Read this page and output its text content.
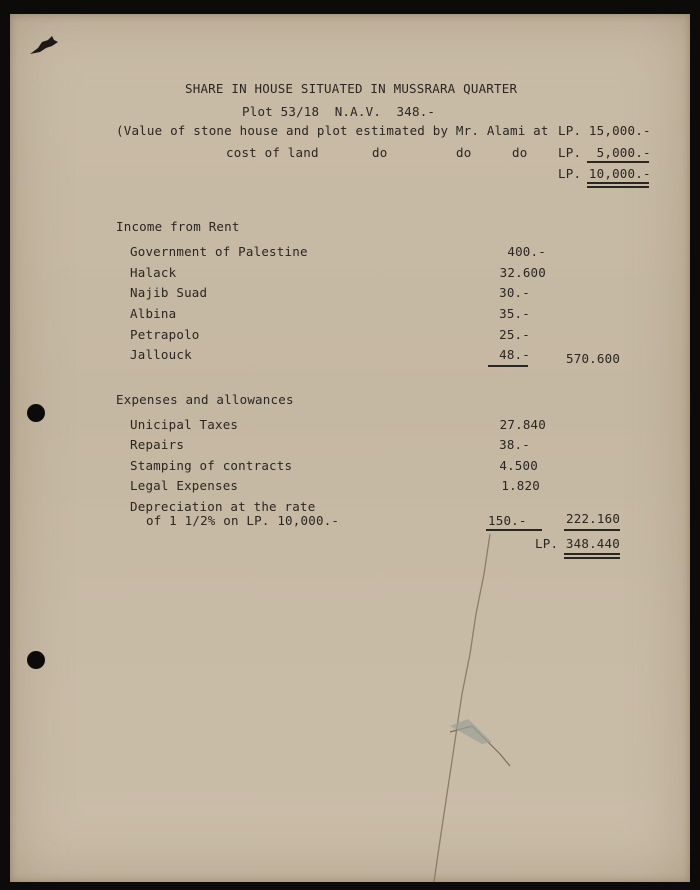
SHARE IN HOUSE SITUATED IN MUSSRARA QUARTER
Plot 53/18  N.A.V.  348.-
(Value of stone house and plot estimated by Mr. Alami at LP. 15,000.-
cost of land	do	do	do LP.  5,000.-
LP. 10,000.-
Income from Rent
Government of Palestine	400.-
Halack	32.600
Najib Suad	30.-
Albina	35.-
Petrapolo	25.-
Jallouck	48.-	570.600
Expenses and allowances
Unicipal Taxes	27.840
Repairs	38.-
Stamping of contracts	4.500
Legal Expenses	1.820
Depreciation at the rate
of 1 1/2% on LP. 10,000.-	150.-	222.160
LP. 348.440
